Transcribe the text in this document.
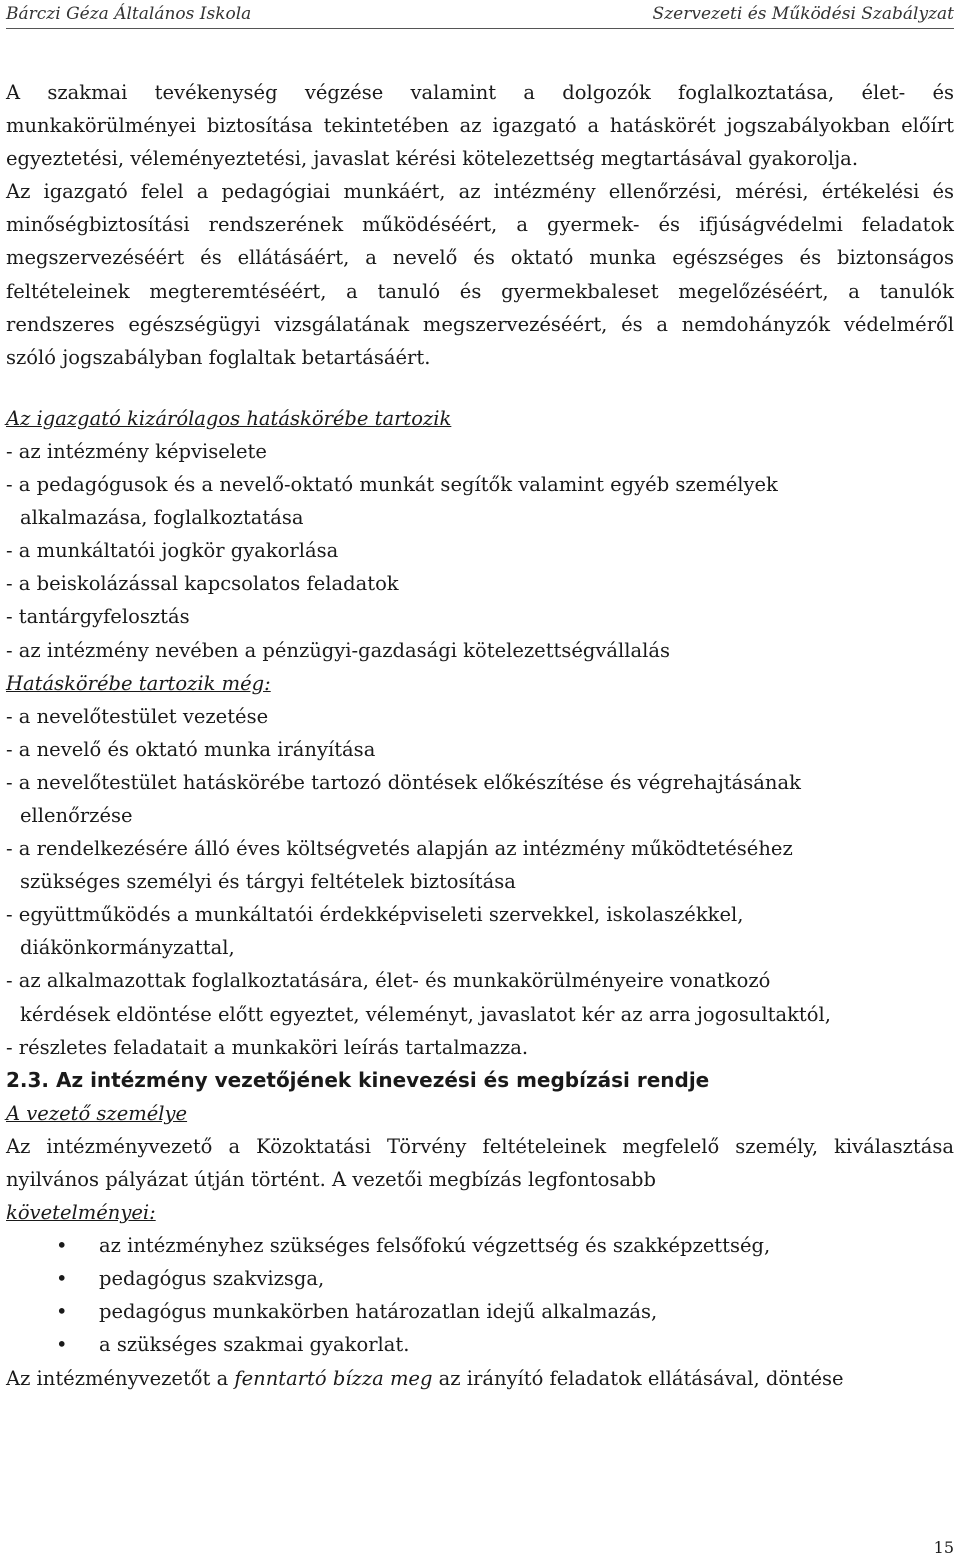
Bárczi Géza Általános Iskola	Szervezeti és Működési Szabályzat

A szakmai tevékenység végzése valamint a dolgozók foglalkoztatása, élet- és munkakörülményei biztosítása tekintetében az igazgató a hatáskörét jogszabályokban előírt egyeztetési, véleményeztetési, javaslat kérési kötelezettség megtartásával gyakorolja.

Az igazgató felel a pedagógiai munkáért, az intézmény ellenőrzési, mérési, értékelési és minőségbiztosítási rendszerének működéséért, a gyermek- és ifjúságvédelmi feladatok megszervezéséért és ellátásáért, a nevelő és oktató munka egészséges és biztonságos feltételeinek megteremtéséért, a tanuló és gyermekbaleset megelőzéséért, a tanulók rendszeres egészségügyi vizsgálatának megszervezéséért, és a nemdohányzók védelméről szóló jogszabályban foglaltak betartásáért.

Az igazgató kizárólagos hatáskörébe tartozik

- az intézmény képviselete

- a pedagógusok és a nevelő-oktató munkát segítők valamint egyéb személyek

alkalmazása, foglalkoztatása

- a munkáltatói jogkör gyakorlása

- a beiskolázással kapcsolatos feladatok

- tantárgyfelosztás

- az intézmény nevében a pénzügyi-gazdasági kötelezettségvállalás

Hatáskörébe tartozik még:

- a nevelőtestület vezetése

- a nevelő és oktató munka irányítása

- a nevelőtestület hatáskörébe tartozó döntések előkészítése és végrehajtásának

ellenőrzése

- a rendelkezésére álló éves költségvetés alapján az intézmény működtetéséhez

szükséges személyi és tárgyi feltételek biztosítása

- együttműködés a munkáltatói érdekképviseleti szervekkel, iskolaszékkel,

diákönkormányzattal,

- az alkalmazottak foglalkoztatására, élet- és munkakörülményeire vonatkozó

kérdések eldöntése előtt egyeztet, véleményt, javaslatot kér az arra jogosultaktól,

- részletes feladatait a munkaköri leírás tartalmazza.

2.3. Az intézmény vezetőjének kinevezési és megbízási rendje

A vezető személye

Az intézményvezető a Közoktatási Törvény feltételeinek megfelelő személy, kiválasztása nyilvános pályázat útján történt. A vezetői megbízás legfontosabb

követelményei:

• az intézményhez szükséges felsőfokú végzettség és szakképzettség,
• pedagógus szakvizsga,
• pedagógus munkakörben határozatlan idejű alkalmazás,
• a szükséges szakmai gyakorlat.

Az intézményvezetőt a fenntartó bízza meg az irányító feladatok ellátásával, döntése

15
